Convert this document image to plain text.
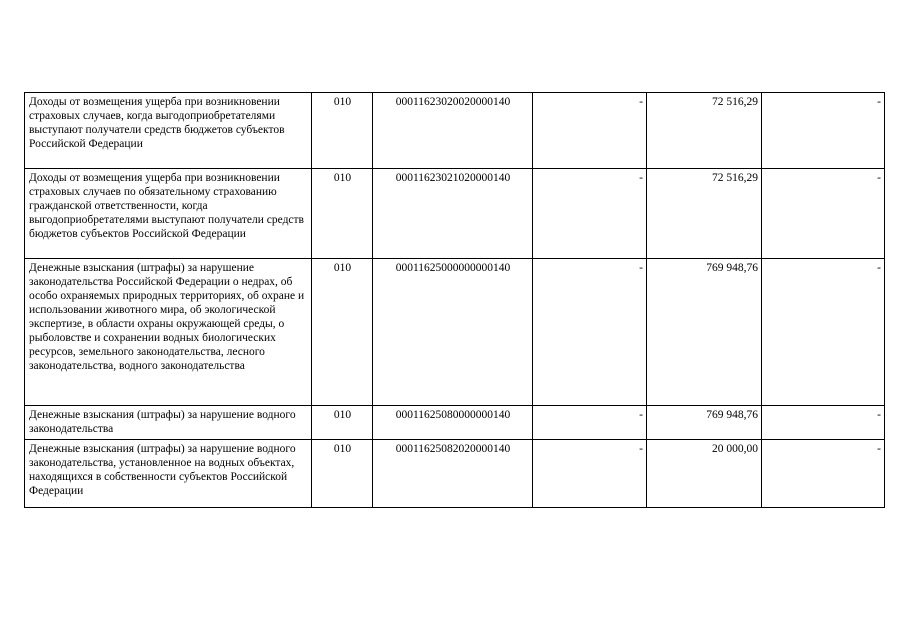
Доходы от возмещения ущерба при возникновении страховых случаев, когда выгодоприобретателями выступают получатели средств бюджетов субъектов Российской Федерации	010	00011623020020000140	-	72 516,29	-
Доходы от возмещения ущерба при возникновении страховых случаев по обязательному страхованию гражданской ответственности, когда выгодоприобретателями выступают получатели средств бюджетов субъектов Российской Федерации	010	00011623021020000140	-	72 516,29	-
Денежные взыскания (штрафы) за нарушение законодательства Российской Федерации о недрах, об особо охраняемых природных территориях, об охране и использовании животного мира, об экологической экспертизе, в области охраны окружающей среды, о рыболовстве и сохранении водных биологических ресурсов, земельного законодательства, лесного законодательства, водного законодательства	010	00011625000000000140	-	769 948,76	-
Денежные взыскания (штрафы) за нарушение водного законодательства	010	00011625080000000140	-	769 948,76	-
Денежные взыскания (штрафы) за нарушение водного законодательства, установленное на водных объектах, находящихся в собственности субъектов Российской Федерации	010	00011625082020000140	-	20 000,00	-
